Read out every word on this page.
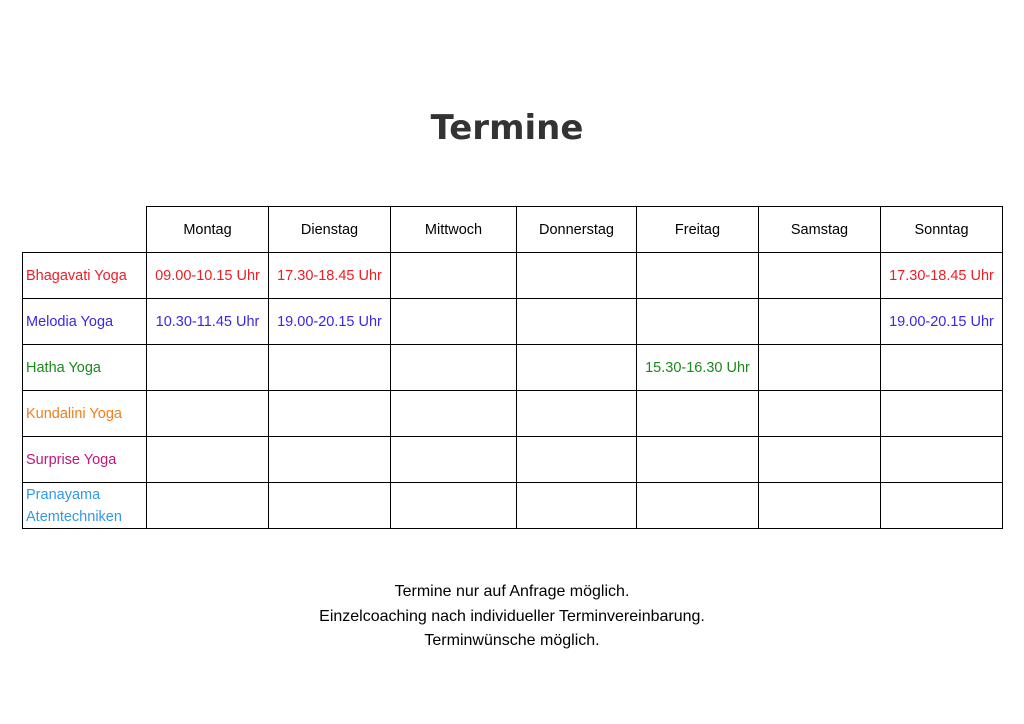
Termine
	Montag	Dienstag	Mittwoch	Donnerstag	Freitag	Samstag	Sonntag
Bhagavati Yoga	09.00-10.15 Uhr	17.30-18.45 Uhr					17.30-18.45 Uhr
Melodia Yoga	10.30-11.45 Uhr	19.00-20.15 Uhr					19.00-20.15 Uhr
Hatha Yoga					15.30-16.30 Uhr		
Kundalini Yoga							
Surprise Yoga							
Pranayama Atemtechniken							
Termine nur auf Anfrage möglich.
Einzelcoaching nach individueller Terminvereinbarung.
Terminwünsche möglich.
